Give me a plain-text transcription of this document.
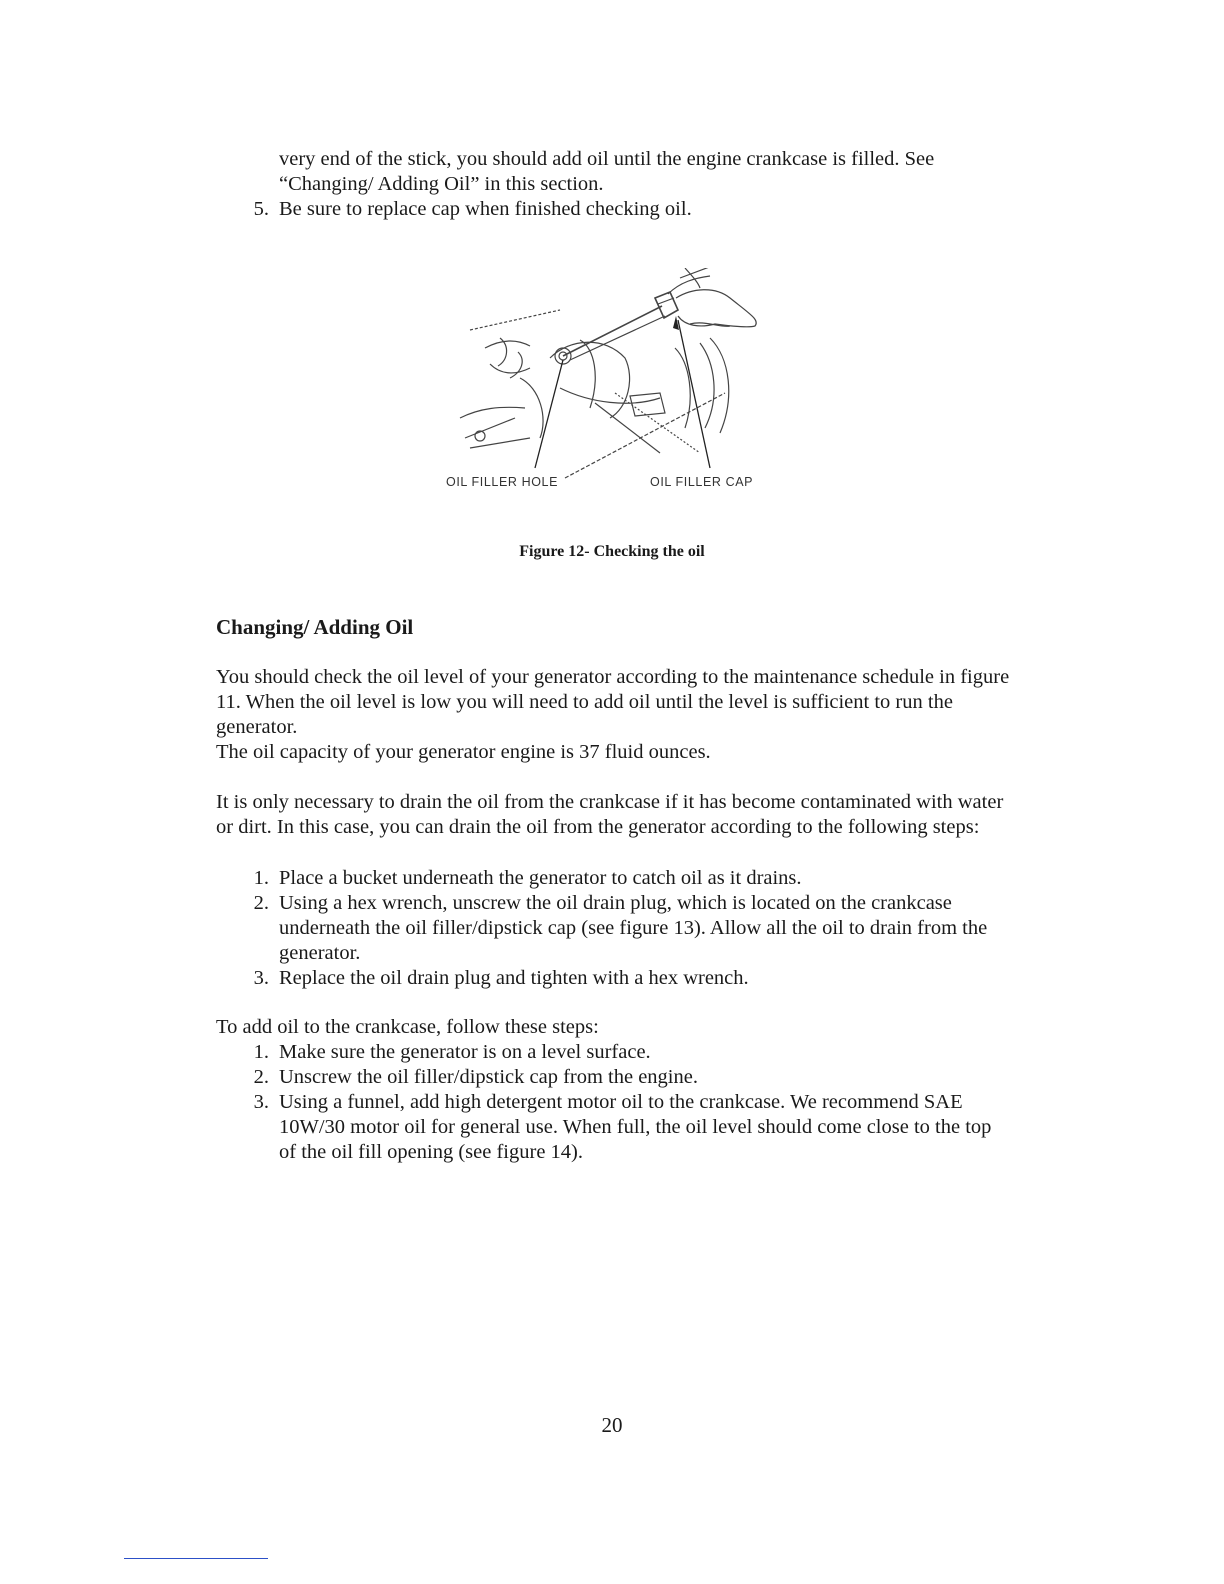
very end of the stick, you should add oil until the engine crankcase is filled. See “Changing/ Adding Oil” in this section.
5. Be sure to replace cap when finished checking oil.
OIL FILLER HOLE	OIL FILLER CAP
Figure 12- Checking the oil
Changing/ Adding Oil
You should check the oil level of your generator according to the maintenance schedule in figure 11. When the oil level is low you will need to add oil until the level is sufficient to run the generator.
The oil capacity of your generator engine is 37 fluid ounces.
It is only necessary to drain the oil from the crankcase if it has become contaminated with water or dirt. In this case, you can drain the oil from the generator according to the following steps:
1. Place a bucket underneath the generator to catch oil as it drains.
2. Using a hex wrench, unscrew the oil drain plug, which is located on the crankcase underneath the oil filler/dipstick cap (see figure 13). Allow all the oil to drain from the generator.
3. Replace the oil drain plug and tighten with a hex wrench.
To add oil to the crankcase, follow these steps:
1. Make sure the generator is on a level surface.
2. Unscrew the oil filler/dipstick cap from the engine.
3. Using a funnel, add high detergent motor oil to the crankcase. We recommend SAE 10W/30 motor oil for general use. When full, the oil level should come close to the top of the oil fill opening (see figure 14).
20
